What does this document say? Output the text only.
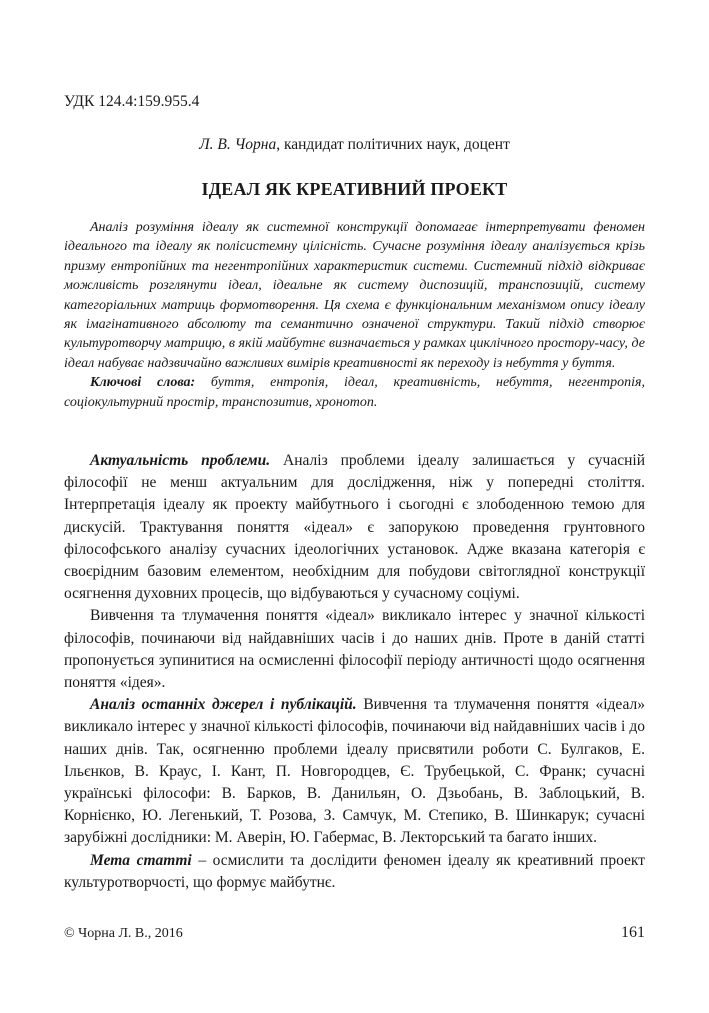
УДК 124.4:159.955.4
Л. В. Чорна, кандидат політичних наук, доцент
ІДЕАЛ ЯК КРЕАТИВНИЙ ПРОЕКТ

Аналіз розуміння ідеалу як системної конструкції допомагає інтерпретувати феномен ідеального та ідеалу як полісистемну цілісність. Сучасне розуміння ідеалу аналізується крізь призму ентропійних та негентропійних характеристик системи. Системний підхід відкриває можливість розглянути ідеал, ідеальне як систему диспозицій, транспозицій, систему категоріальних матриць формотворення. Ця схема є функціональним механізмом опису ідеалу як імагінативного абсолюту та семантично означеної структури. Такий підхід створює культуротворчу матрицю, в якій майбутнє визначається у рамках циклічного простору-часу, де ідеал набуває надзвичайно важливих вимірів креативності як переходу із небуття у буття.

Ключові слова: буття, ентропія, ідеал, креативність, небуття, негентропія, соціокультурний простір, транспозитив, хронотоп.

Актуальність проблеми. Аналіз проблеми ідеалу залишається у сучасній філософії не менш актуальним для дослідження, ніж у попередні століття. Інтерпретація ідеалу як проекту майбутнього і сьогодні є злободенною темою для дискусій. Трактування поняття «ідеал» є запорукою проведення грунтовного філософського аналізу сучасних ідеологічних установок. Адже вказана категорія є своєрідним базовим елементом, необхідним для побудови світоглядної конструкції осягнення духовних процесів, що відбуваються у сучасному соціумі.

Вивчення та тлумачення поняття «ідеал» викликало інтерес у значної кількості філософів, починаючи від найдавніших часів і до наших днів. Проте в даній статті пропонується зупинитися на осмисленні філософії періоду античності щодо осягнення поняття «ідея».

Аналіз останніх джерел і публікацій. Вивчення та тлумачення поняття «ідеал» викликало інтерес у значної кількості філософів, починаючи від найдавніших часів і до наших днів. Так, осягненню проблеми ідеалу присвятили роботи С. Булгаков, Е. Ільєнков, В. Краус, І. Кант, П. Новгородцев, Є. Трубецькой, С. Франк; сучасні українські філософи: В. Барков, В. Данильян, О. Дзьобань, В. Заблоцький, В. Корнієнко, Ю. Легенький, Т. Розова, З. Самчук, М. Степико, В. Шинкарук; сучасні зарубіжні дослідники: М. Аверін, Ю. Габермас, В. Лекторський та багато інших.

Мета статті – осмислити та дослідити феномен ідеалу як креативний проект культуротворчості, що формує майбутнє.

© Чорна Л. В., 2016	161
